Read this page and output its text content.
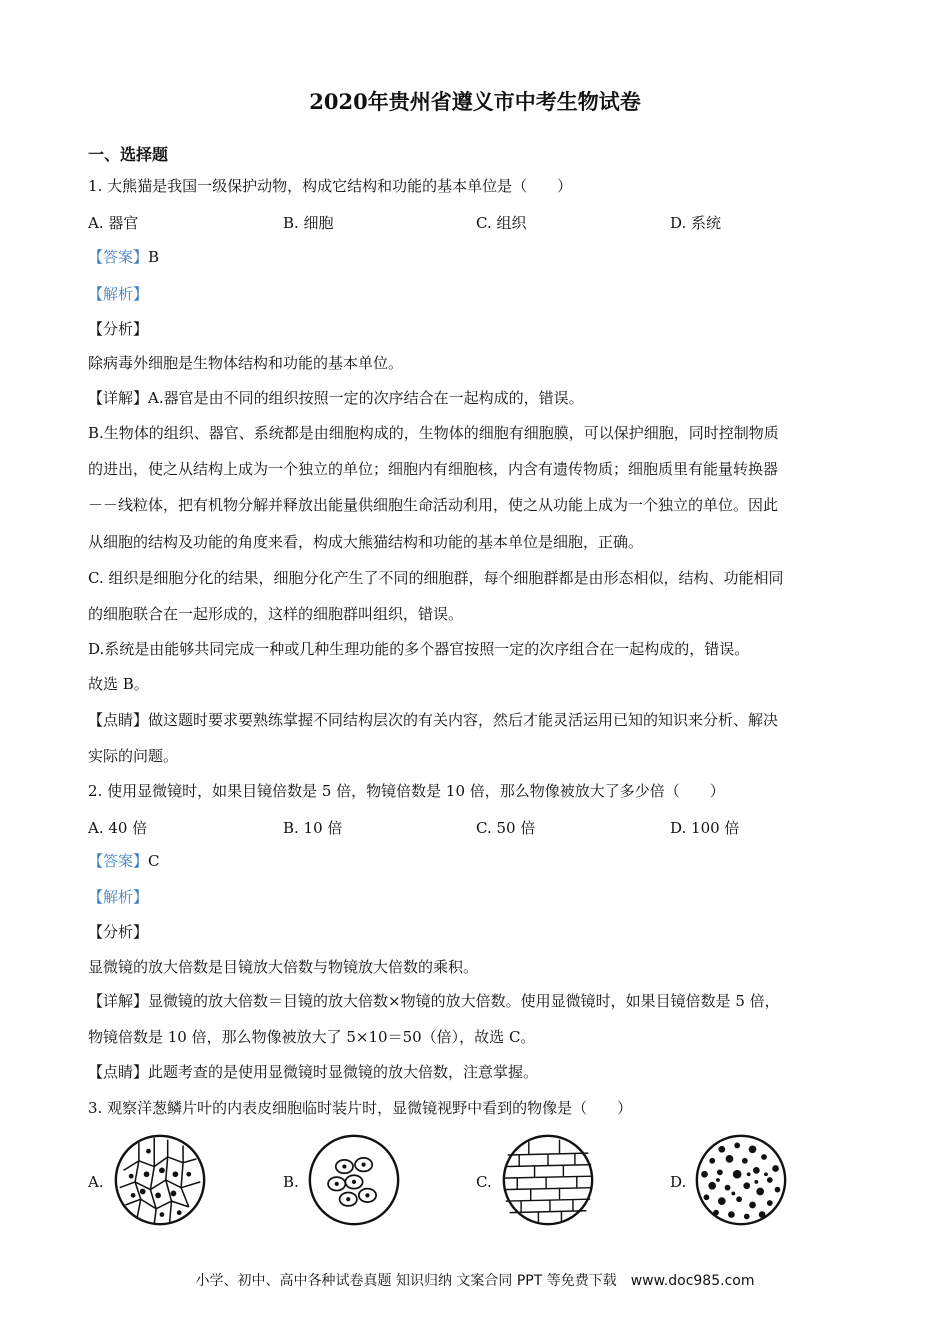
2020年贵州省遵义市中考生物试卷
一、选择题
1. 大熊猫是我国一级保护动物，构成它结构和功能的基本单位是（　　）
A. 器官	B. 细胞	C. 组织	D. 系统
【答案】B
【解析】
【分析】
除病毒外细胞是生物体结构和功能的基本单位。
【详解】A.器官是由不同的组织按照一定的次序结合在一起构成的，错误。
B.生物体的组织、器官、系统都是由细胞构成的，生物体的细胞有细胞膜，可以保护细胞，同时控制物质
的进出，使之从结构上成为一个独立的单位；细胞内有细胞核，内含有遗传物质；细胞质里有能量转换器
－－线粒体，把有机物分解并释放出能量供细胞生命活动利用，使之从功能上成为一个独立的单位。因此
从细胞的结构及功能的角度来看，构成大熊猫结构和功能的基本单位是细胞，正确。
C. 组织是细胞分化的结果，细胞分化产生了不同的细胞群，每个细胞群都是由形态相似，结构、功能相同
的细胞联合在一起形成的，这样的细胞群叫组织，错误。
D.系统是由能够共同完成一种或几种生理功能的多个器官按照一定的次序组合在一起构成的，错误。
故选 B。
【点睛】做这题时要求要熟练掌握不同结构层次的有关内容，然后才能灵活运用已知的知识来分析、解决
实际的问题。
2. 使用显微镜时，如果目镜倍数是 5 倍，物镜倍数是 10 倍，那么物像被放大了多少倍（　　）
A. 40 倍	B. 10 倍	C. 50 倍	D. 100 倍
【答案】C
【解析】
【分析】
显微镜的放大倍数是目镜放大倍数与物镜放大倍数的乘积。
【详解】显微镜的放大倍数＝目镜的放大倍数×物镜的放大倍数。使用显微镜时，如果目镜倍数是 5 倍，
物镜倍数是 10 倍，那么物像被放大了 5×10＝50（倍），故选 C。
【点睛】此题考查的是使用显微镜时显微镜的放大倍数，注意掌握。
3. 观察洋葱鳞片叶的内表皮细胞临时装片时，显微镜视野中看到的物像是（　　）
A.	B.	C.	D.
小学、初中、高中各种试卷真题 知识归纳 文案合同 PPT 等免费下载　www.doc985.com
